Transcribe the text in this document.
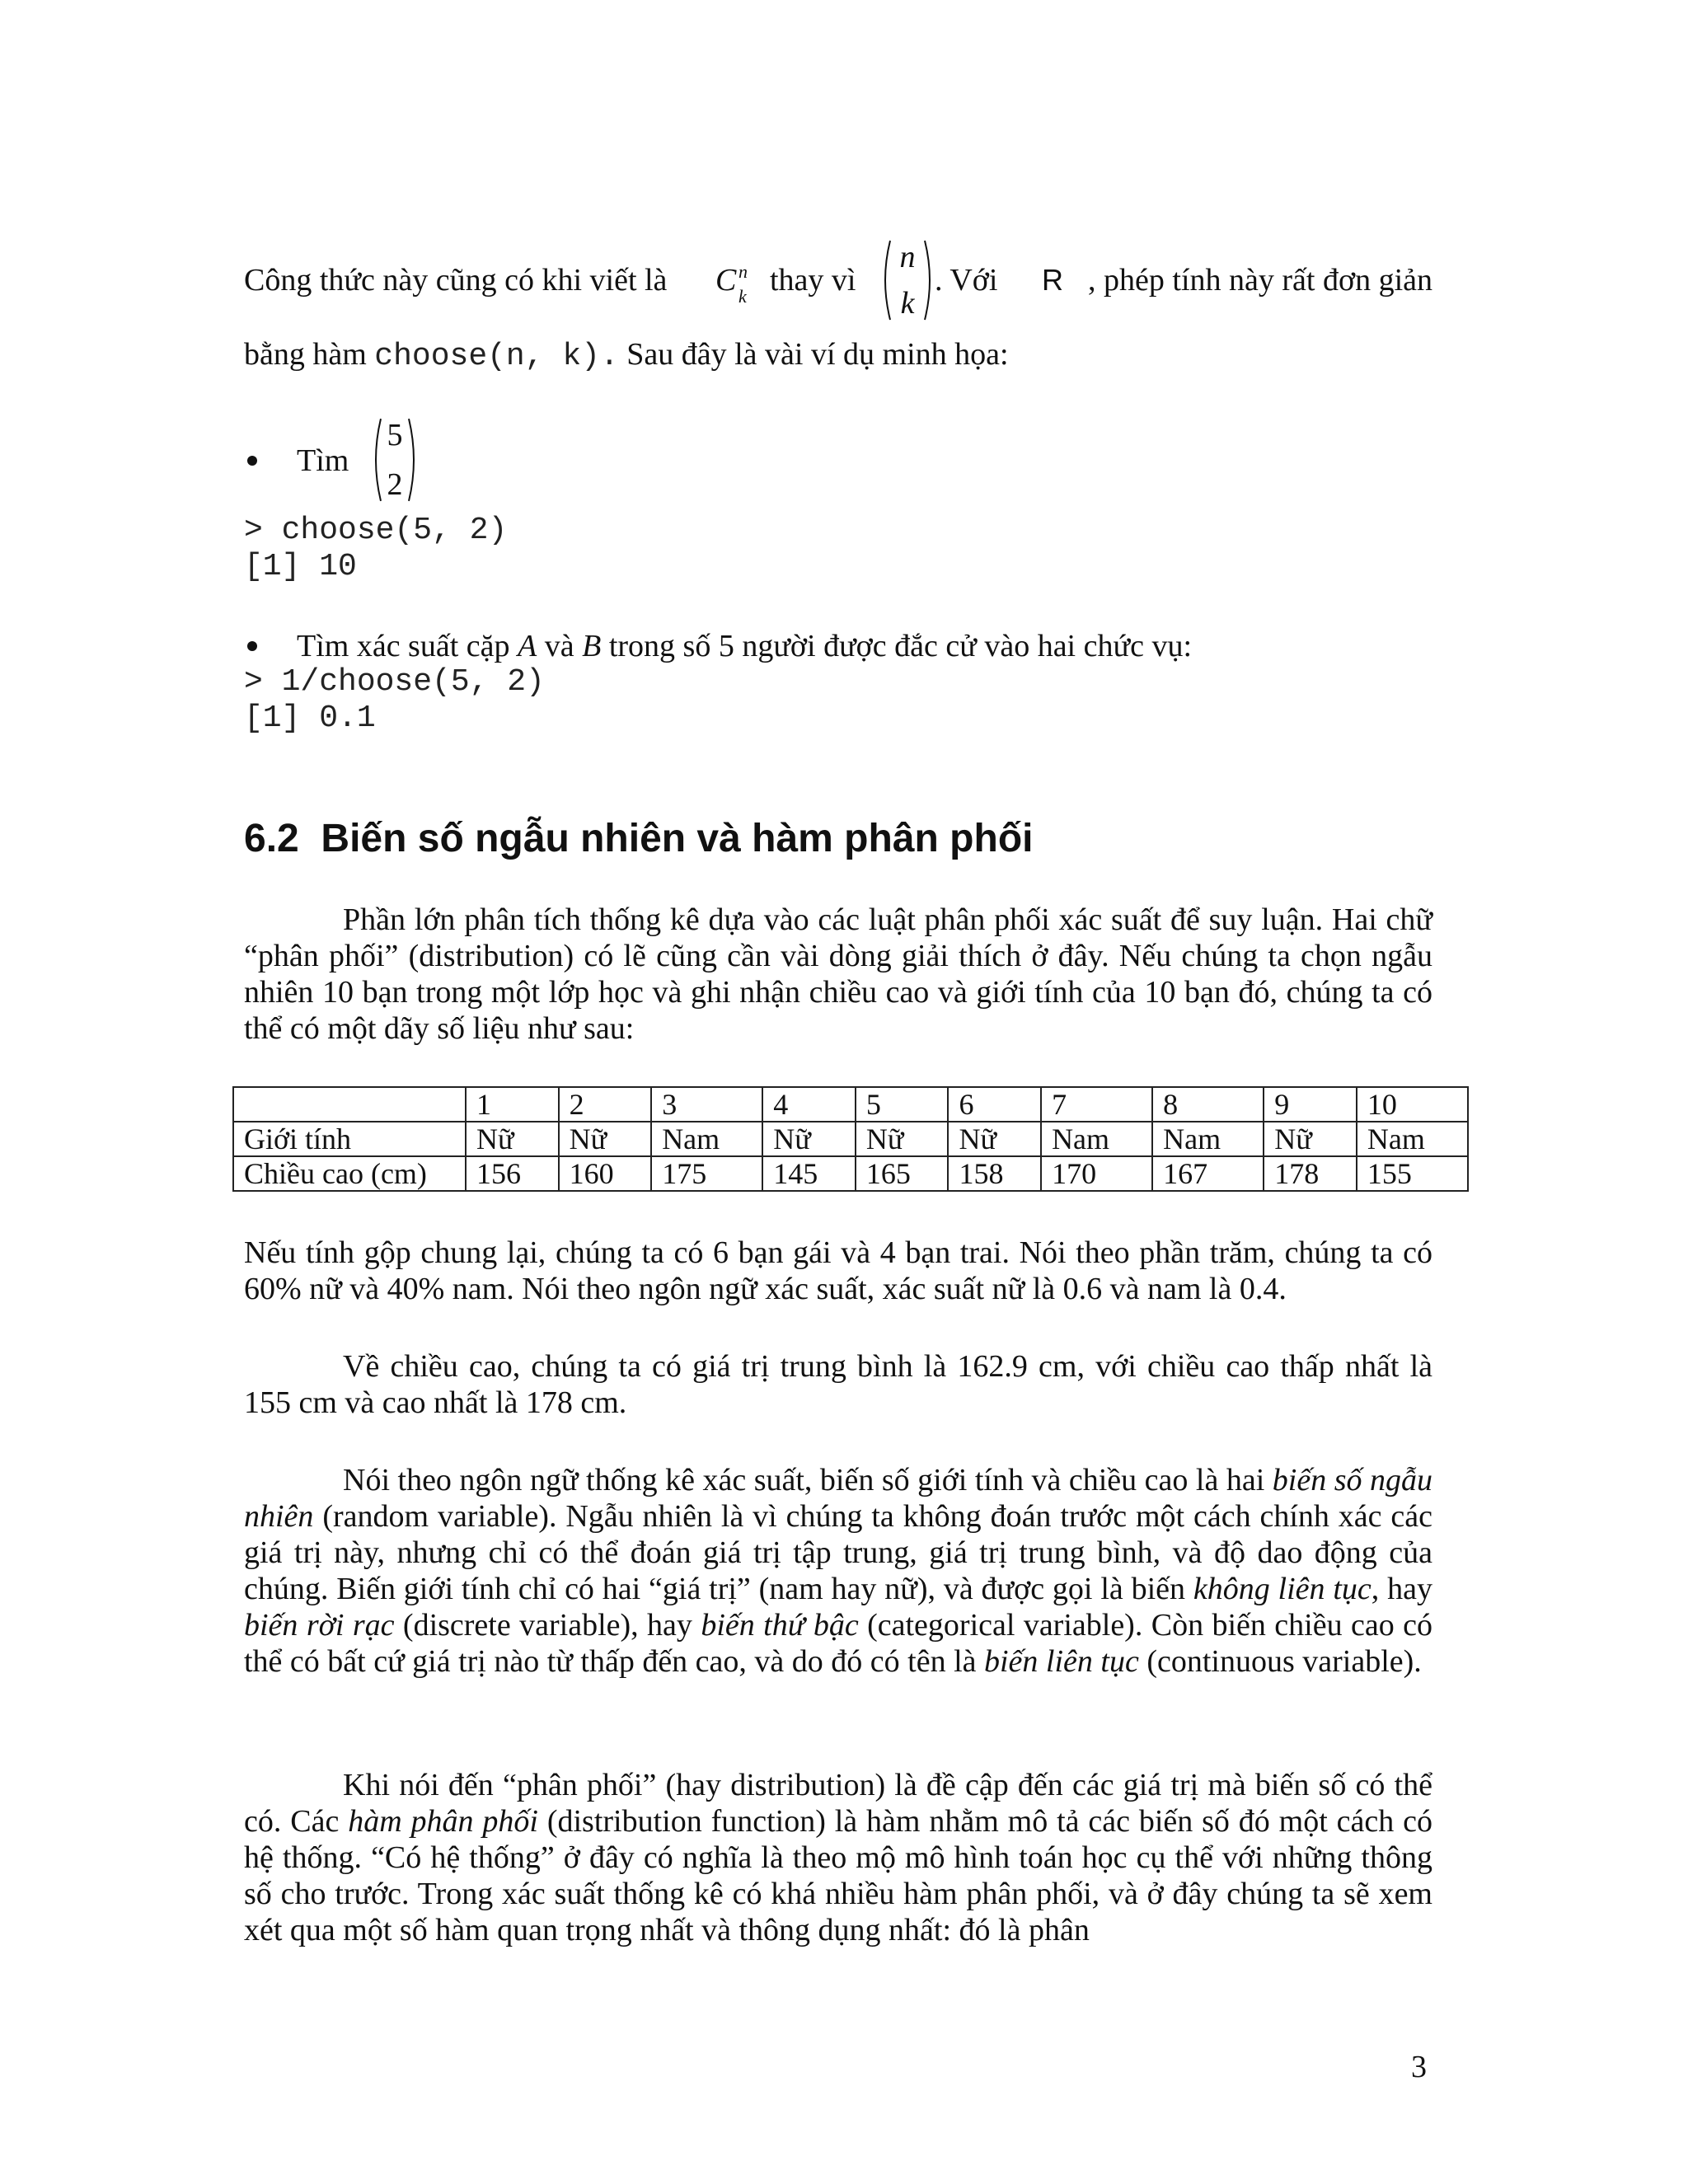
Công thức này cũng có khi viết là C n
k thay vì
n
k
. Với R , phép tính này rất đơn giản
bằng hàm choose(n, k). Sau đây là vài ví dụ minh họa:
Tìm
5
2
> choose(5, 2)
[1] 10
Tìm xác suất cặp A và B trong số 5 người được đắc cử vào hai chức vụ:
> 1/choose(5, 2)
[1] 0.1
6.2  Biến số ngẫu nhiên và hàm phân phối

Phần lớn phân tích thống kê dựa vào các luật phân phối xác suất để suy luận. Hai chữ “phân phối” (distribution) có lẽ cũng cần vài dòng giải thích ở đây. Nếu chúng ta chọn ngẫu nhiên 10 bạn trong một lớp học và ghi nhận chiều cao và giới tính của 10 bạn đó, chúng ta có thể có một dãy số liệu như sau:

	1	2	3	4	5	6	7	8	9	10
Giới tính	Nữ	Nữ	Nam	Nữ	Nữ	Nữ	Nam	Nam	Nữ	Nam
Chiều cao (cm)	156	160	175	145	165	158	170	167	178	155

Nếu tính gộp chung lại, chúng ta có 6 bạn gái và 4 bạn trai. Nói theo phần trăm, chúng ta có 60% nữ và 40% nam. Nói theo ngôn ngữ xác suất, xác suất nữ là 0.6 và nam là 0.4.

Về chiều cao, chúng ta có giá trị trung bình là 162.9 cm, với chiều cao thấp nhất là 155 cm và cao nhất là 178 cm.

Nói theo ngôn ngữ thống kê xác suất, biến số giới tính và chiều cao là hai biến số ngẫu nhiên (random variable). Ngẫu nhiên là vì chúng ta không đoán trước một cách chính xác các giá trị này, nhưng chỉ có thể đoán giá trị tập trung, giá trị trung bình, và độ dao động của chúng. Biến giới tính chỉ có hai “giá trị” (nam hay nữ), và được gọi là biến không liên tục, hay biến rời rạc (discrete variable), hay biến thứ bậc (categorical variable). Còn biến chiều cao có thể có bất cứ giá trị nào từ thấp đến cao, và do đó có tên là biến liên tục (continuous variable).

Khi nói đến “phân phối” (hay distribution) là đề cập đến các giá trị mà biến số có thể có. Các hàm phân phối (distribution function) là hàm nhằm mô tả các biến số đó một cách có hệ thống. “Có hệ thống” ở đây có nghĩa là theo mộ mô hình toán học cụ thể với những thông số cho trước. Trong xác suất thống kê có khá nhiều hàm phân phối, và ở đây chúng ta sẽ xem xét qua một số hàm quan trọng nhất và thông dụng nhất: đó là phân

3
